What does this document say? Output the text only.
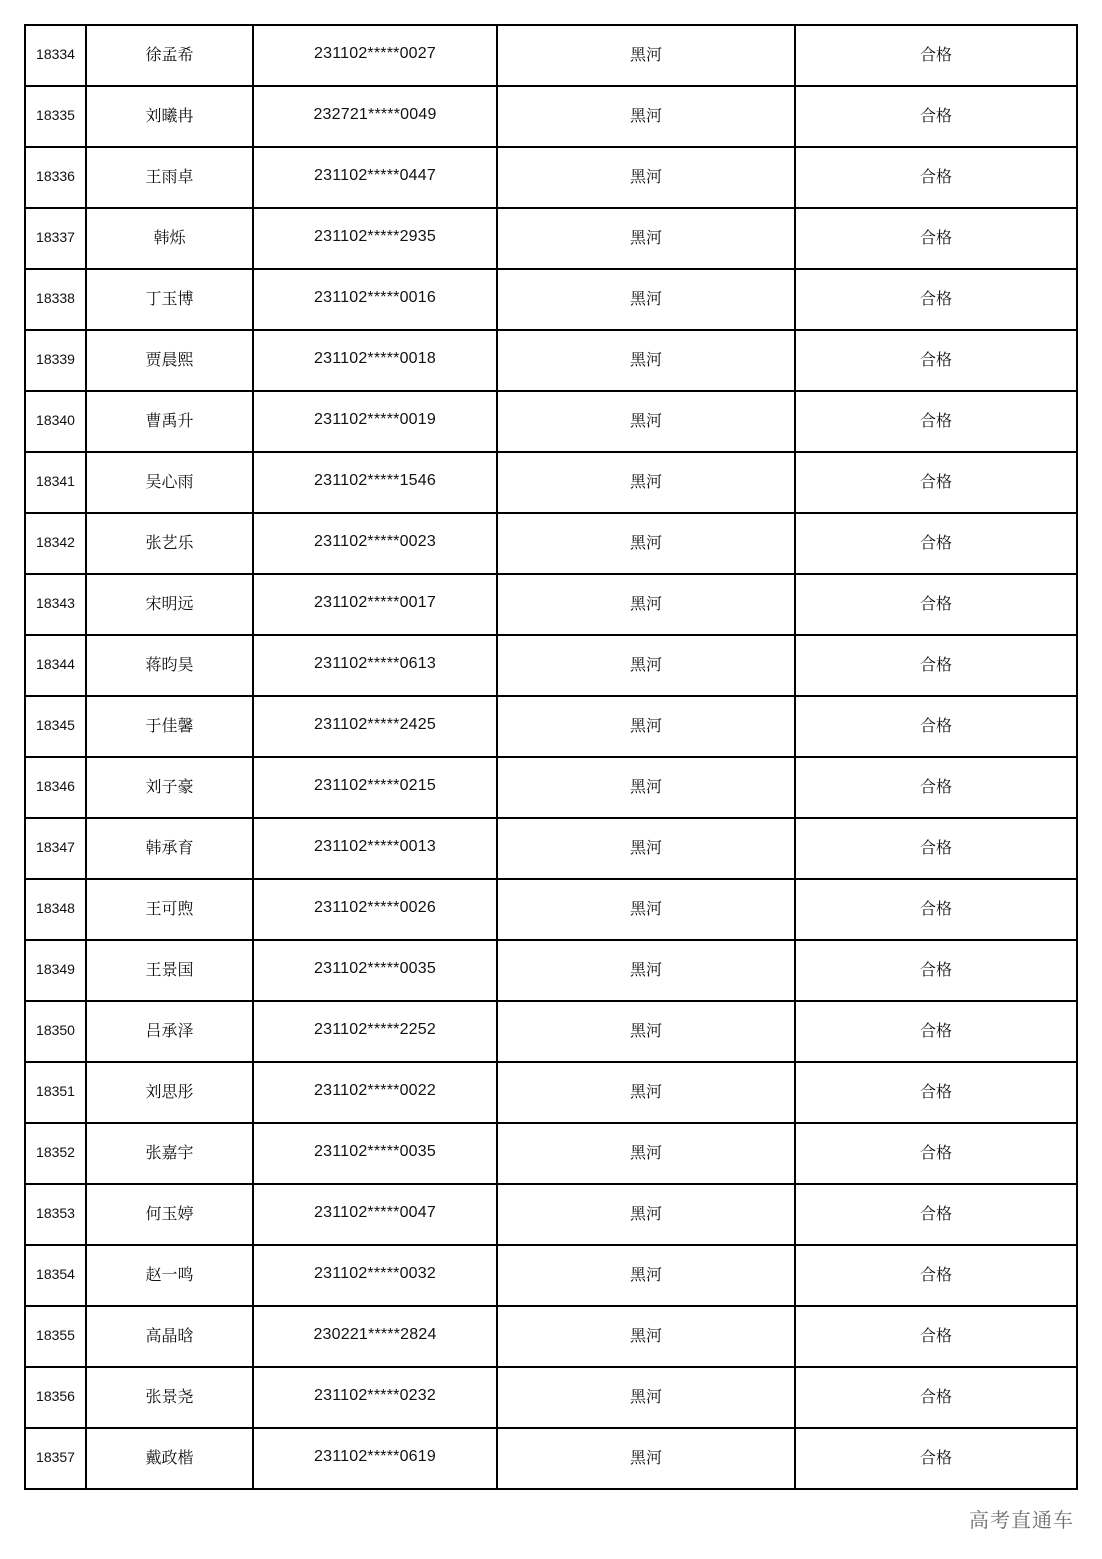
18334	徐孟希	231102*****0027	黑河	合格
18335	刘曦冉	232721*****0049	黑河	合格
18336	王雨卓	231102*****0447	黑河	合格
18337	韩烁	231102*****2935	黑河	合格
18338	丁玉博	231102*****0016	黑河	合格
18339	贾晨熙	231102*****0018	黑河	合格
18340	曹禹升	231102*****0019	黑河	合格
18341	吴心雨	231102*****1546	黑河	合格
18342	张艺乐	231102*****0023	黑河	合格
18343	宋明远	231102*****0017	黑河	合格
18344	蒋昀昊	231102*****0613	黑河	合格
18345	于佳馨	231102*****2425	黑河	合格
18346	刘子豪	231102*****0215	黑河	合格
18347	韩承育	231102*****0013	黑河	合格
18348	王可煦	231102*****0026	黑河	合格
18349	王景国	231102*****0035	黑河	合格
18350	吕承泽	231102*****2252	黑河	合格
18351	刘思彤	231102*****0022	黑河	合格
18352	张嘉宇	231102*****0035	黑河	合格
18353	何玉婷	231102*****0047	黑河	合格
18354	赵一鸣	231102*****0032	黑河	合格
18355	高晶晗	230221*****2824	黑河	合格
18356	张景尧	231102*****0232	黑河	合格
18357	戴政楷	231102*****0619	黑河	合格
高考直通车
